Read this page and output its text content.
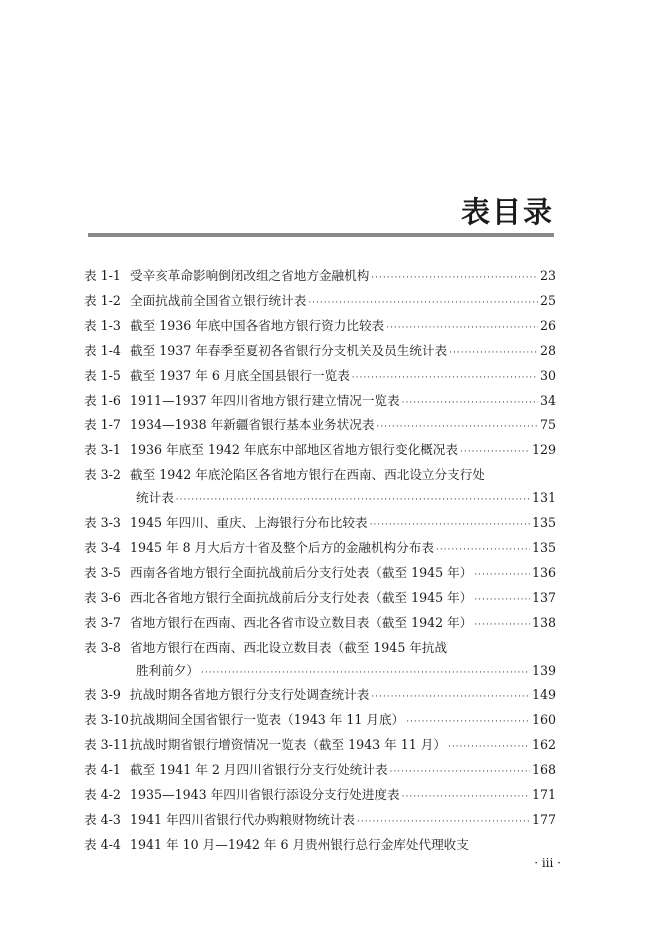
表目录
表 1-1 受辛亥革命影响倒闭改组之省地方金融机构 ·····	23
表 1-2 全面抗战前全国省立银行统计表 ·····	25
表 1-3 截至 1936 年底中国各省地方银行资力比较表 ·····	26
表 1-4 截至 1937 年春季至夏初各省银行分支机关及员生统计表 ·····	28
表 1-5 截至 1937 年 6 月底全国县银行一览表 ·····	30
表 1-6 1911—1937 年四川省地方银行建立情况一览表 ·····	34
表 1-7 1934—1938 年新疆省银行基本业务状况表 ·····	75
表 3-1 1936 年底至 1942 年底东中部地区省地方银行变化概况表 ·····	129
表 3-2 截至 1942 年底沦陷区各省地方银行在西南、西北设立分支行处
统计表 ·····	131
表 3-3 1945 年四川、重庆、上海银行分布比较表 ·····	135
表 3-4 1945 年 8 月大后方十省及整个后方的金融机构分布表 ·····	135
表 3-5 西南各省地方银行全面抗战前后分支行处表（截至 1945 年） ·····	136
表 3-6 西北各省地方银行全面抗战前后分支行处表（截至 1945 年） ·····	137
表 3-7 省地方银行在西南、西北各省市设立数目表（截至 1942 年） ·····	138
表 3-8 省地方银行在西南、西北设立数目表（截至 1945 年抗战
胜利前夕） ·····	139
表 3-9 抗战时期各省地方银行分支行处调查统计表 ·····	149
表 3-10 抗战期间全国省银行一览表（1943 年 11 月底） ·····	160
表 3-11 抗战时期省银行增资情况一览表（截至 1943 年 11 月） ·····	162
表 4-1 截至 1941 年 2 月四川省银行分支行处统计表 ·····	168
表 4-2 1935—1943 年四川省银行添设分支行处进度表 ·····	171
表 4-3 1941 年四川省银行代办购粮财物统计表 ·····	177
表 4-4 1941 年 10 月—1942 年 6 月贵州银行总行金库处代理收支
· iii ·
